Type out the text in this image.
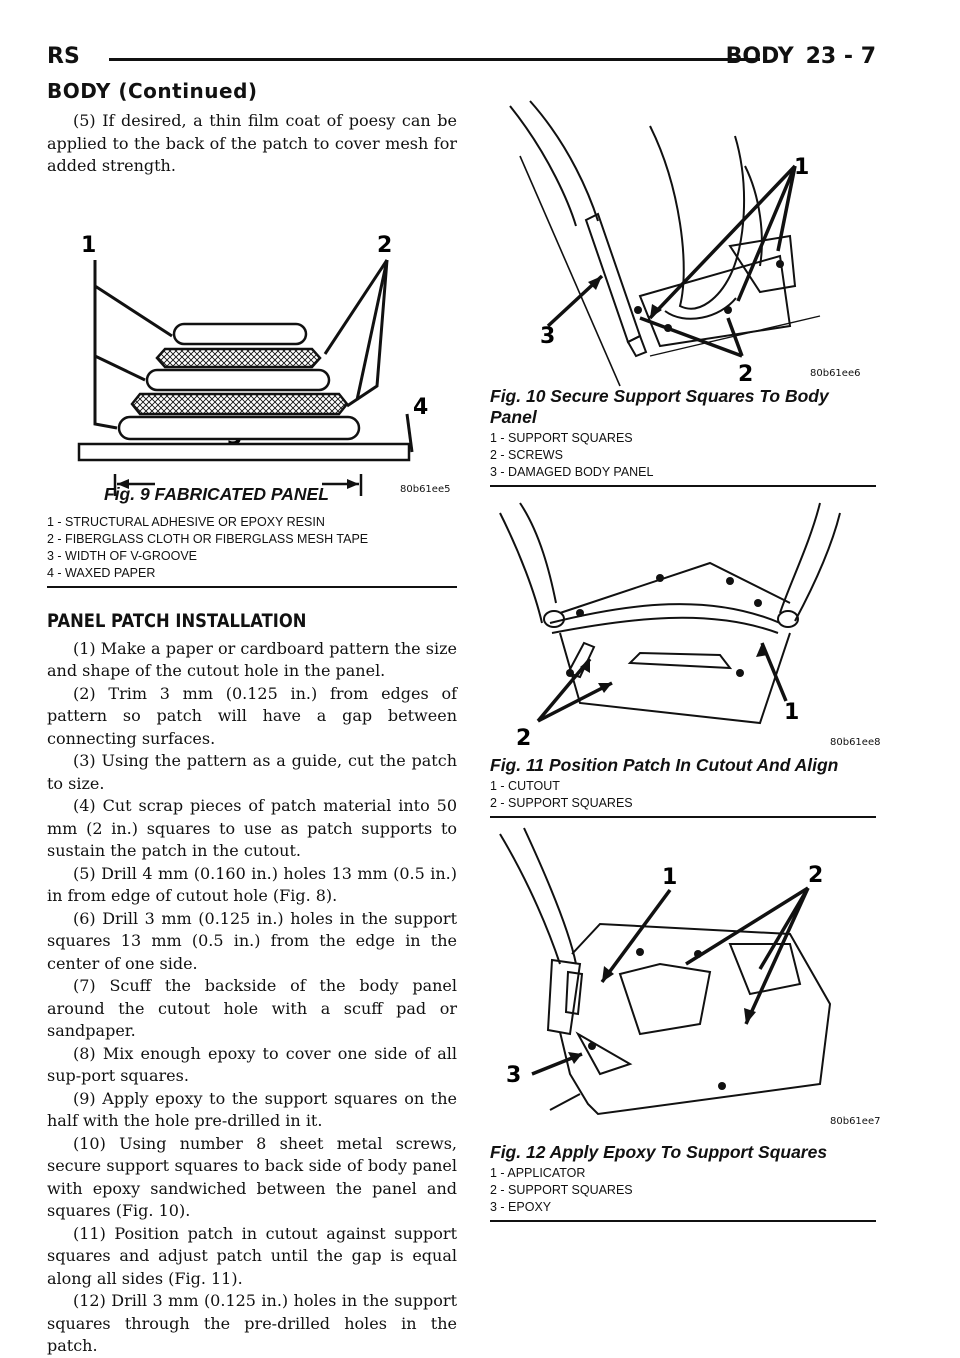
RS	BODY 23 - 7
BODY (Continued)

(5) If desired, a thin film coat of poesy can be applied to the back of the patch to cover mesh for added strength.

1	2
4
80b61ee5
Fig. 9 FABRICATED PANEL
1 - STRUCTURAL ADHESIVE OR EPOXY RESIN
2 - FIBERGLASS CLOTH OR FIBERGLASS MESH TAPE
3 - WIDTH OF V-GROOVE
4 - WAXED PAPER
PANEL PATCH INSTALLATION

(1) Make a paper or cardboard pattern the size and shape of the cutout hole in the panel.

(2) Trim 3 mm (0.125 in.) from edges of pattern so patch will have a gap between connecting surfaces.

(3) Using the pattern as a guide, cut the patch to size.

(4) Cut scrap pieces of patch material into 50 mm (2 in.) squares to use as patch supports to sustain the patch in the cutout.

(5) Drill 4 mm (0.160 in.) holes 13 mm (0.5 in.) in from edge of cutout hole (Fig. 8).

(6) Drill 3 mm (0.125 in.) holes in the support squares 13 mm (0.5 in.) from the edge in the center of one side.

(7) Scuff the backside of the body panel around the cutout hole with a scuff pad or sandpaper.

(8) Mix enough epoxy to cover one side of all sup-port squares.

(9) Apply epoxy to the support squares on the half with the hole pre-drilled in it.

(10) Using number 8 sheet metal screws, secure support squares to back side of body panel with epoxy sandwiched between the panel and squares (Fig. 10).

(11) Position patch in cutout against support squares and adjust patch until the gap is equal along all sides (Fig. 11).

(12) Drill 3 mm (0.125 in.) holes in the support squares through the pre-drilled holes in the patch.

1
2
3
80b61ee6
Fig. 10 Secure Support Squares To Body Panel
1 - SUPPORT SQUARES
2 - SCREWS
3 - DAMAGED BODY PANEL
1
2	80b61ee8
Fig. 11 Position Patch In Cutout And Align
1 - CUTOUT
2 - SUPPORT SQUARES
1	2
3
80b61ee7
Fig. 12 Apply Epoxy To Support Squares
1 - APPLICATOR
2 - SUPPORT SQUARES
3 - EPOXY
